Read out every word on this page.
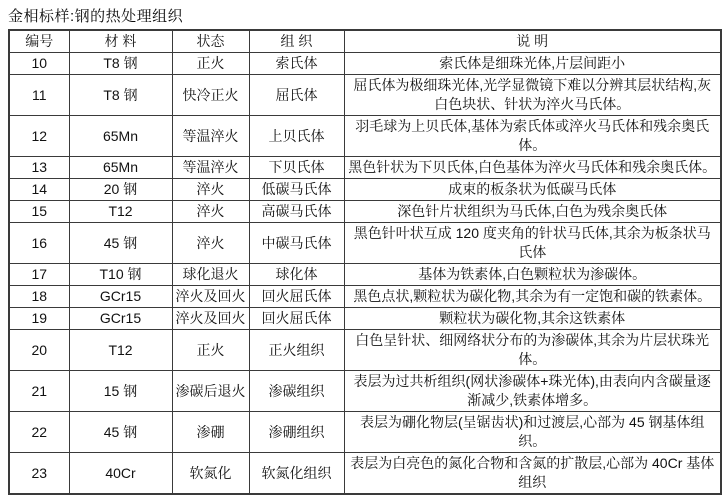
金相标样:钢的热处理组织
编号	材 料	状态	组 织	说 明
10	T8 钢	正火	索氏体	索氏体是细珠光体,片层间距小
11	T8 钢	快冷正火	屈氏体	屈氏体为极细珠光体,光学显微镜下难以分辨其层状结构,灰白色块状、针状为淬火马氏体。
12	65Mn	等温淬火	上贝氏体	羽毛球为上贝氏体,基体为索氏体或淬火马氏体和残余奥氏体。
13	65Mn	等温淬火	下贝氏体	黑色针状为下贝氏体,白色基体为淬火马氏体和残余奥氏体。
14	20 钢	淬火	低碳马氏体	成束的板条状为低碳马氏体
15	T12	淬火	高碳马氏体	深色针片状组织为马氏体,白色为残余奥氏体
16	45 钢	淬火	中碳马氏体	黑色针叶状互成 120 度夹角的针状马氏体,其余为板条状马氏体
17	T10 钢	球化退火	球化体	基体为铁素体,白色颗粒状为渗碳体。
18	GCr15	淬火及回火	回火屈氏体	黑色点状,颗粒状为碳化物,其余为有一定饱和碳的铁素体。
19	GCr15	淬火及回火	回火屈氏体	颗粒状为碳化物,其余这铁素体
20	T12	正火	正火组织	白色呈针状、细网络状分布的为渗碳体,其余为片层状珠光体。
21	15 钢	渗碳后退火	渗碳组织	表层为过共析组织(网状渗碳体+珠光体),由表向内含碳量逐渐减少,铁素体增多。
22	45 钢	渗硼	渗硼组织	表层为硼化物层(呈锯齿状)和过渡层,心部为 45 钢基体组织。
23	40Cr	软氮化	软氮化组织	表层为白亮色的氮化合物和含氮的扩散层,心部为 40Cr 基体组织
